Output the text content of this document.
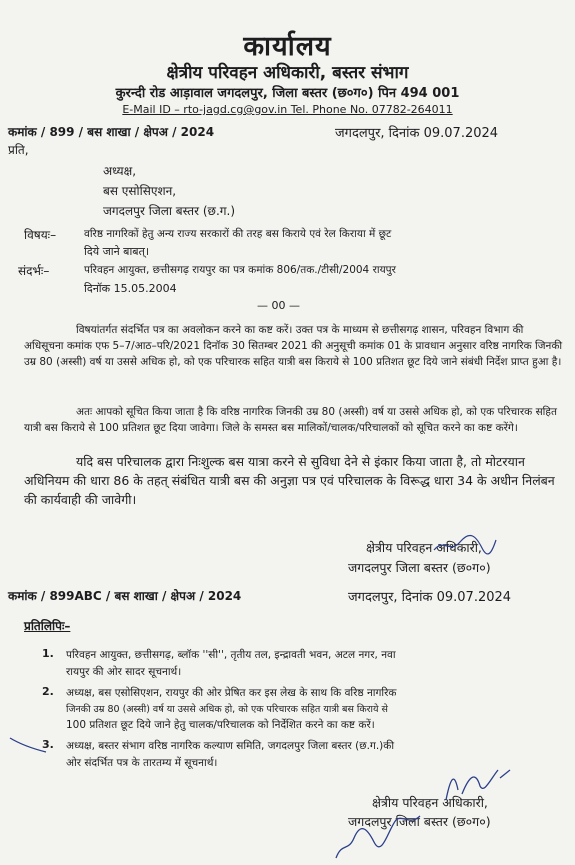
कार्यालय
क्षेत्रीय परिवहन अधिकारी, बस्तर संभाग
कुरन्दी रोड आड़ावाल जगदलपुर, जिला बस्तर (छ०ग०) पिन 494 001
E-Mail ID – rto-jagd.cg@gov.in Tel. Phone No. 07782-264011
कमांक / 899 / बस शाखा / क्षेपअ / 2024	जगदलपुर, दिनांक 09.07.2024
प्रति,
अध्यक्ष,
बस एसोसिएशन,
जगदलपुर जिला बस्तर (छ.ग.)
विषयः–	वरिष्ठ नागरिकों हेतु अन्य राज्य सरकारों की तरह बस किराये एवं रेल किराया में छूट
दिये जाने बाबत्।
संदर्भः–	परिवहन आयुक्त, छत्तीसगढ़ रायपुर का पत्र कमांक 806/तक./टीसी/2004 रायपुर
दिनॉक 15.05.2004
— 00 —
विषयांतर्गत संदर्भित पत्र का अवलोकन करने का कष्ट करें। उक्त पत्र के माध्यम से छत्तीसगढ़ शासन, परिवहन विभाग की अधिसूचना कमांक एफ 5–7/आठ–परि/2021 दिनॉक 30 सितम्बर 2021 की अनुसूची कमांक 01 के प्रावधान अनुसार वरिष्ठ नागरिक जिनकी उम्र 80 (अस्सी) वर्ष या उससे अधिक हो, को एक परिचारक सहित यात्री बस किराये से 100 प्रतिशत छूट दिये जाने संबंधी निर्देश प्राप्त हुआ है।
अतः आपको सूचित किया जाता है कि वरिष्ठ नागरिक जिनकी उम्र 80 (अस्सी) वर्ष या उससे अधिक हो, को एक परिचारक सहित यात्री बस किराये से 100 प्रतिशत छूट दिया जावेगा। जिले के समस्त बस मालिकों/चालक/परिचालकों को सूचित करने का कष्ट करेंगे।
यदि बस परिचालक द्वारा निःशुल्क बस यात्रा करने से सुविधा देने से इंकार किया जाता है, तो मोटरयान अधिनियम की धारा 86 के तहत् संबंधित यात्री बस की अनुज्ञा पत्र एवं परिचालक के विरूद्ध धारा 34 के अधीन निलंबन की कार्यवाही की जावेगी।
क्षेत्रीय परिवहन अधिकारी,
जगदलपुर जिला बस्तर (छ०ग०)
कमांक / 899ABC / बस शाखा / क्षेपअ / 2024	जगदलपुर, दिनांक 09.07.2024
प्रतिलिपिः–
1. परिवहन आयुक्त, छत्तीसगढ़, ब्लॉक ''सी'', तृतीय तल, इन्द्रावती भवन, अटल नगर, नवा
रायपुर की ओर सादर सूचनार्थ।
2. अध्यक्ष, बस एसोसिएशन, रायपुर की ओर प्रेषित कर इस लेख के साथ कि वरिष्ठ नागरिक
जिनकी उम्र 80 (अस्सी) वर्ष या उससे अधिक हो, को एक परिचारक सहित यात्री बस किराये से
100 प्रतिशत छूट दिये जाने हेतु चालक/परिचालक को निर्देशित करने का कष्ट करें।
3. अध्यक्ष, बस्तर संभाग वरिष्ठ नागरिक कल्याण समिति, जगदलपुर जिला बस्तर (छ.ग.)की
ओर संदर्भित पत्र के तारतम्य में सूचनार्थ।
क्षेत्रीय परिवहन अधिकारी,
जगदलपुर जिला बस्तर (छ०ग०)
